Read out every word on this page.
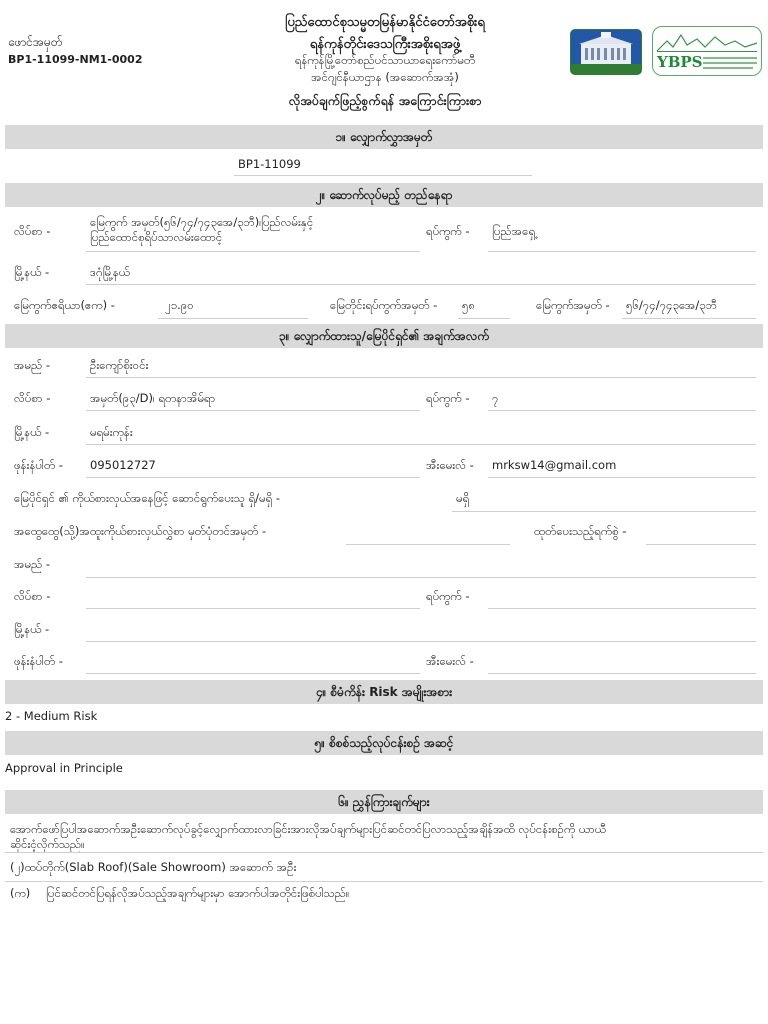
ဖောင်အမှတ်
BP1-11099-NM1-0002
ပြည်ထောင်စုသမ္မတမြန်မာနိုင်ငံတော်အစိုးရ
ရန်ကုန်တိုင်းဒေသကြီးအစိုးရအဖွဲ့
ရန်ကုန်မြို့တော်စည်ပင်သာယာရေးကော်မတီ
အင်ဂျင်နီယာဌာန (အဆောက်အအုံ)
လိုအပ်ချက်ဖြည့်စွက်ရန် အကြောင်းကြားစာ
YBPS
၁။ လျှောက်လွှာအမှတ်
BP1-11099
၂။ ဆောက်လုပ်မည့် တည်နေရာ
လိပ်စာ -
မြေကွက် အမှတ်(၅၆/၇၄/၇၄၃အေ/၃ဘီ)၊ပြည်လမ်းနှင့်
ပြည်ထောင်စုရိပ်သာလမ်းထောင့်	ရပ်ကွက် - ပြည်အရှေ့
မြို့နယ် -	ဒဂုံမြို့နယ်
မြေကွက်ဧရိယာ(ဧက) -	၂၁.၉၀	မြေတိုင်းရပ်ကွက်အမှတ် - ၅၈	မြေကွက်အမှတ် - ၅၆/၇၄/၇၄၃အေ/၃ဘီ
၃။ လျှောက်ထားသူ/မြေပိုင်ရှင်၏ အချက်အလက်
အမည် -	ဦးကျော်စိုးဝင်း
လိပ်စာ -	အမှတ်(၉၃/D)၊ ရတနာအိမ်ရာ	ရပ်ကွက် - ၇
မြို့နယ် -	မရမ်းကုန်း
ဖုန်းနံပါတ် - 095012727	အီးမေးလ် - mrksw14@gmail.com
မြေပိုင်ရှင် ၏ ကိုယ်စားလှယ်အနေဖြင့် ဆောင်ရွက်ပေးသူ ရှိ/မရှိ -	မရှိ
အထွေထွေ(သို့)အထူးကိုယ်စားလှယ်လွှဲစာ မှတ်ပုံတင်အမှတ် -	ထုတ်ပေးသည့်ရက်စွဲ -
အမည် -
လိပ်စာ -	ရပ်ကွက် -
မြို့နယ် -
ဖုန်းနံပါတ် -	အီးမေးလ် -
၄။ စီမံကိန်း Risk အမျိုးအစား
2 - Medium Risk
၅။ စိစစ်သည့်လုပ်ငန်းစဉ် အဆင့်
Approval in Principle
၆။ ညွှန်ကြားချက်များ
အောက်ဖော်ပြပါအဆောက်အဦးဆောက်လုပ်ခွင့်လျှောက်ထားလာခြင်းအားလိုအပ်ချက်များပြင်ဆင်တင်ပြလာသည့်အချိန်အထိ လုပ်ငန်းစဉ်ကို ယာယီ
ဆိုင်းငံ့လိုက်သည်။
(၂)ထပ်တိုက်(Slab Roof)(Sale Showroom) အဆောက် အဦး
(က) ပြင်ဆင်တင်ပြရန်လိုအပ်သည့်အချက်များမှာ အောက်ပါအတိုင်းဖြစ်ပါသည်။
